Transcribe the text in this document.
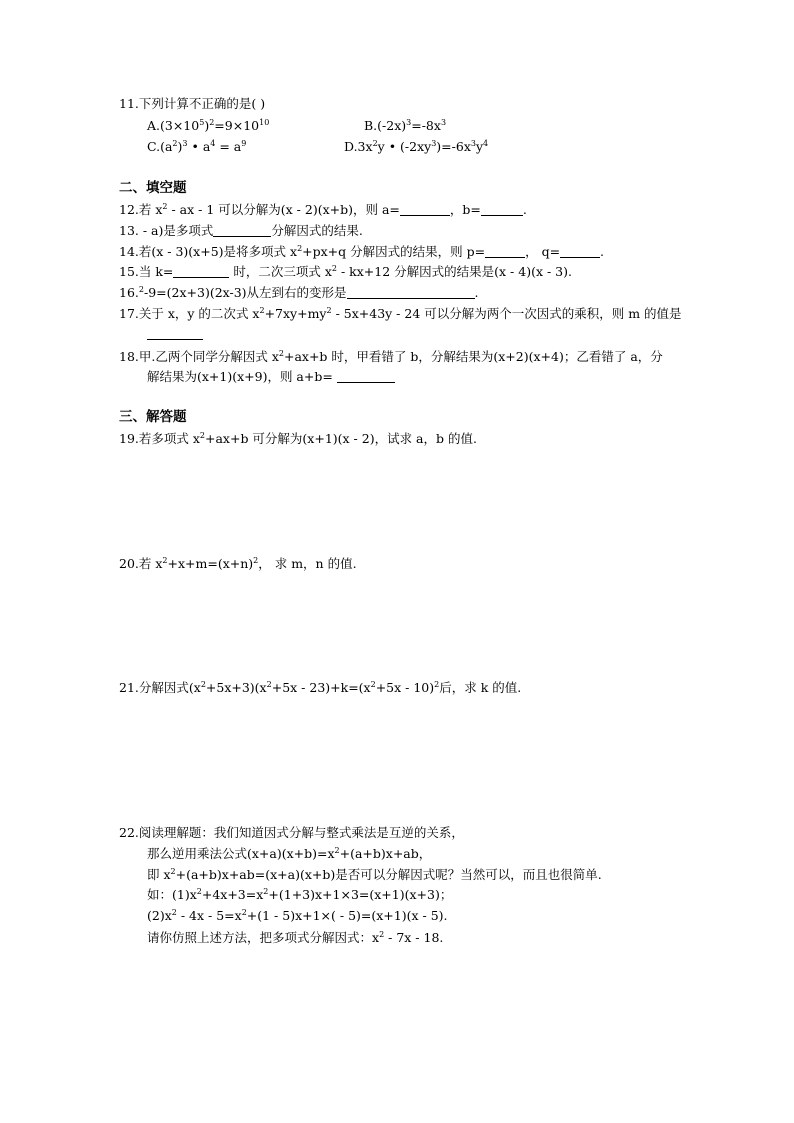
11.下列计算不正确的是( )
$A.(3\times 10^5)^2=9\times 10^{10}$	$B.(-2x)^3=-8x^3$
$C.(a^2)^3$ • $a^4 = a^9$	$D.3x^2y$ • $(-2xy^3)=-6x^3y^4$
二、填空题
12.若 $x^2$ - ax - 1 可以分解为(x - 2)(x+b)，则 a=	，b=	.
13. - a)是多项式	分解因式的结果.
14.若(x - 3)(x+5)是将多项式 $x^2+px+q$ 分解因式的结果，则 p=	， q=	.
15.当 k=	时，二次三项式 $x^2 - kx+12$ 分解因式的结果是(x - 4)(x - 3).
16.$^2$-9=(2x+3)(2x-3)从左到右的变形是	.
17.关于 x，y 的二次式 $x^2+7xy+my^2 - 5x+43y - 24$ 可以分解为两个一次因式的乘积，则 m 的值是
18.甲.乙两个同学分解因式 $x^2+ax+b$ 时，甲看错了 b，分解结果为(x+2)(x+4)；乙看错了 a，分
解结果为(x+1)(x+9)，则 a+b=
三、解答题
19.若多项式 $x^2+ax+b$ 可分解为(x+1)(x - 2)，试求 a，b 的值.
20.若 $x^2+x+m=(x+n)^2$， 求 m，n 的值.
21.分解因式$(x^2+5x+3)(x^2+5x - 23)+k=(x^2+5x - 10)^2$后，求 k 的值.
22.阅读理解题：我们知道因式分解与整式乘法是互逆的关系，
那么逆用乘法公式$(x+a)(x+b)=x^2+(a+b)x+ab$，
即 $x^2+(a+b)x+ab=(x+a)(x+b)$是否可以分解因式呢？当然可以，而且也很简单.
如：$(1)x^2+4x+3=x^2+(1+3)x+1\times 3=(x+1)(x+3)$；
$(2)x^2 - 4x - 5=x^2+(1 - 5)x+1\times( - 5)=(x+1)(x - 5)$.
请你仿照上述方法，把多项式分解因式：$x^2 - 7x - 18$.
